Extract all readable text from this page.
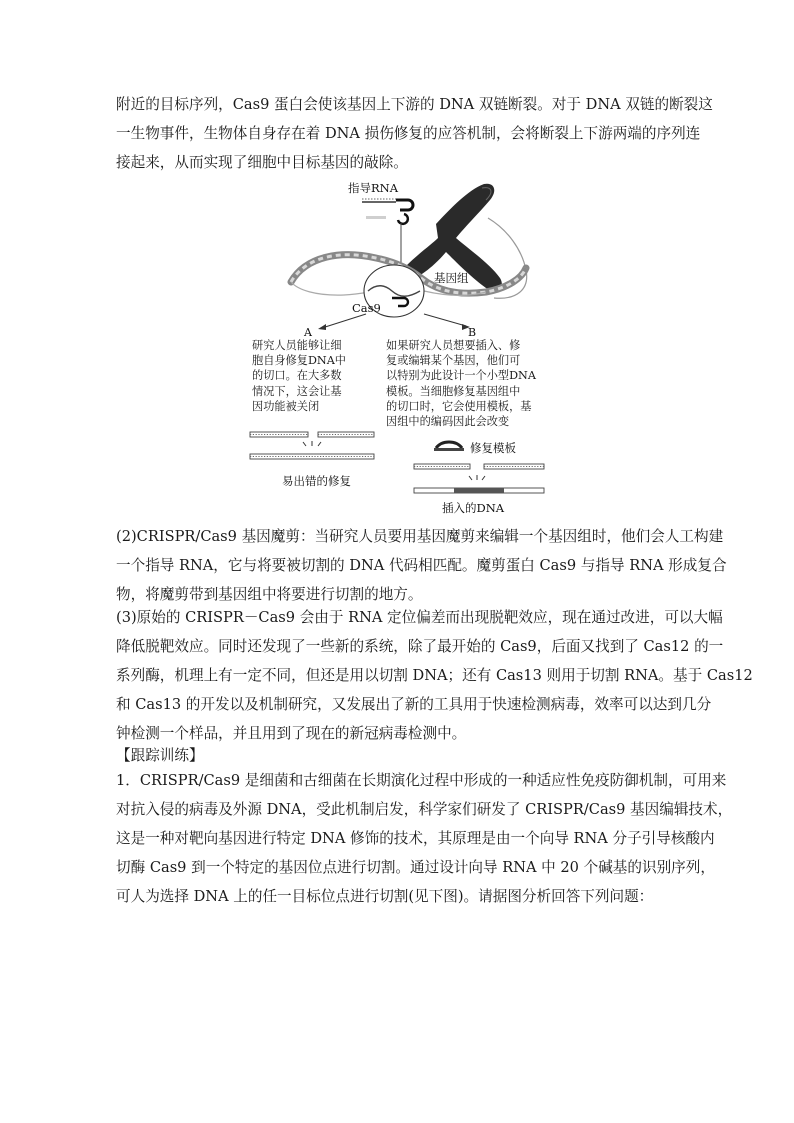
附近的目标序列，Cas9 蛋白会使该基因上下游的 DNA 双链断裂。对于 DNA 双链的断裂这
一生物事件，生物体自身存在着 DNA 损伤修复的应答机制，会将断裂上下游两端的序列连
接起来，从而实现了细胞中目标基因的敲除。

指导RNA
基因组
Cas9
A	B
易出错的修复
修复模板
插入的DNA
研究人员能够让细
胞自身修复DNA中
的切口。在大多数
情况下，这会让基
因功能被关闭
如果研究人员想要插入、修
复或编辑某个基因，他们可
以特别为此设计一个小型DNA
模板。当细胞修复基因组中
的切口时，它会使用模板，基
因组中的编码因此会改变

(2)CRISPR/Cas9 基因魔剪：当研究人员要用基因魔剪来编辑一个基因组时，他们会人工构建
一个指导 RNA，它与将要被切割的 DNA 代码相匹配。魔剪蛋白 Cas9 与指导 RNA 形成复合
物，将魔剪带到基因组中将要进行切割的地方。

(3)原始的 CRISPR－Cas9 会由于 RNA 定位偏差而出现脱靶效应，现在通过改进，可以大幅
降低脱靶效应。同时还发现了一些新的系统，除了最开始的 Cas9，后面又找到了 Cas12 的一
系列酶，机理上有一定不同，但还是用以切割 DNA；还有 Cas13 则用于切割 RNA。基于 Cas12
和 Cas13 的开发以及机制研究，又发展出了新的工具用于快速检测病毒，效率可以达到几分
钟检测一个样品，并且用到了现在的新冠病毒检测中。

【跟踪训练】

1．CRISPR/Cas9 是细菌和古细菌在长期演化过程中形成的一种适应性免疫防御机制，可用来
对抗入侵的病毒及外源 DNA，受此机制启发，科学家们研发了 CRISPR/Cas9 基因编辑技术，
这是一种对靶向基因进行特定 DNA 修饰的技术，其原理是由一个向导 RNA 分子引导核酸内
切酶 Cas9 到一个特定的基因位点进行切割。通过设计向导 RNA 中 20 个碱基的识别序列，
可人为选择 DNA 上的任一目标位点进行切割(见下图)。请据图分析回答下列问题：
